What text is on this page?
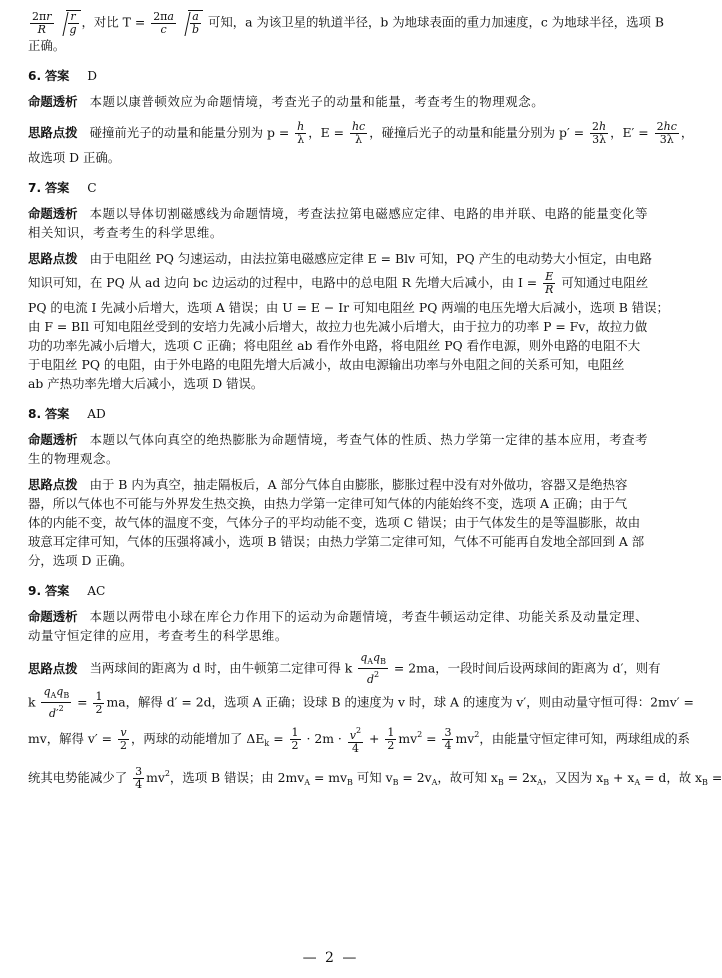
$\frac{2\pi r}{R} \frac{r}{g}$ ，对比 $T = \frac{2\pi a}{c} \frac{a}{b}$ 可知，a 为该卫星的轨道半径，b 为地球表面的重力加速度，c 为地球半径，选项 B
正确。
6. 答案 D
命题透析 本题以康普顿效应为命题情境，考查光子的动量和能量，考查考生的物理观念。
思路点拨 碰撞前光子的动量和能量分别为 $p = \frac{h}{\lambda}$ ，$E = \frac{hc}{\lambda}$ ，碰撞后光子的动量和能量分别为 $p' = \frac{2h}{3\lambda}$ ，$E' = \frac{2hc}{3\lambda}$ ，
故选项 D 正确。
7. 答案 C
命题透析 本题以导体切割磁感线为命题情境，考查法拉第电磁感应定律、电路的串并联、电路的能量变化等
相关知识，考查考生的科学思维。
思路点拨 由于电阻丝 PQ 匀速运动，由法拉第电磁感应定律 E = Blv 可知，PQ 产生的电动势大小恒定，由电路
知识可知，在 PQ 从 ad 边向 bc 边运动的过程中，电路中的总电阻 R 先增大后减小，由 $I = \frac{E}{R}$ 可知通过电阻丝
PQ 的电流 I 先减小后增大，选项 A 错误；由 U = E − Ir 可知电阻丝 PQ 两端的电压先增大后减小，选项 B 错误；
由 F = BIl 可知电阻丝受到的安培力先减小后增大，故拉力也先减小后增大，由于拉力的功率 P = Fv，故拉力做
功的功率先减小后增大，选项 C 正确；将电阻丝 ab 看作外电路，将电阻丝 PQ 看作电源，则外电路的电阻不大
于电阻丝 PQ 的电阻，由于外电路的电阻先增大后减小，故由电源输出功率与外电阻之间的关系可知，电阻丝
ab 产热功率先增大后减小，选项 D 错误。
8. 答案 AD
命题透析 本题以气体向真空的绝热膨胀为命题情境，考查气体的性质、热力学第一定律的基本应用，考查考
生的物理观念。
思路点拨 由于 B 内为真空，抽走隔板后，A 部分气体自由膨胀，膨胀过程中没有对外做功，容器又是绝热容
器，所以气体也不可能与外界发生热交换，由热力学第一定律可知气体的内能始终不变，选项 A 正确；由于气
体的内能不变，故气体的温度不变，气体分子的平均动能不变，选项 C 错误；由于气体发生的是等温膨胀，故由
玻意耳定律可知，气体的压强将减小，选项 B 错误；由热力学第二定律可知，气体不可能再自发地全部回到 A 部
分，选项 D 正确。
9. 答案 AC
命题透析 本题以两带电小球在库仑力作用下的运动为命题情境，考查牛顿运动定律、功能关系及动量定理、
动量守恒定律的应用，考查考生的科学思维。
思路点拨 当两球间的距离为 d 时，由牛顿第二定律可得 k $\frac{q_Aq_B}{d^2} = 2ma$，一段时间后设两球间的距离为 d′，则有
k $\frac{q_Aq_B}{d'^2} = \frac{1}{2}$ ma，解得 d′ = 2d，选项 A 正确；设球 B 的速度为 v 时，球 A 的速度为 v′，则由动量守恒可得：2mv′ =
mv，解得 $v' = \frac{v}{2}$ ，两球的动能增加了 $\Delta E_k = \frac{1}{2} \cdot 2m \cdot \frac{v^2}{4} + \frac{1}{2} mv^2 = \frac{3}{4} mv^2$，由能量守恒定律可知，两球组成的系
统其电势能减少了 $\frac{3}{4} mv^2$，选项 B 错误；由 $2mv_A = mv_B$ 可知 $v_B = 2v_A$，故可知 $x_B = 2x_A$，又因为 $x_B + x_A = d$，故 $x_B$ =
— 2 —
